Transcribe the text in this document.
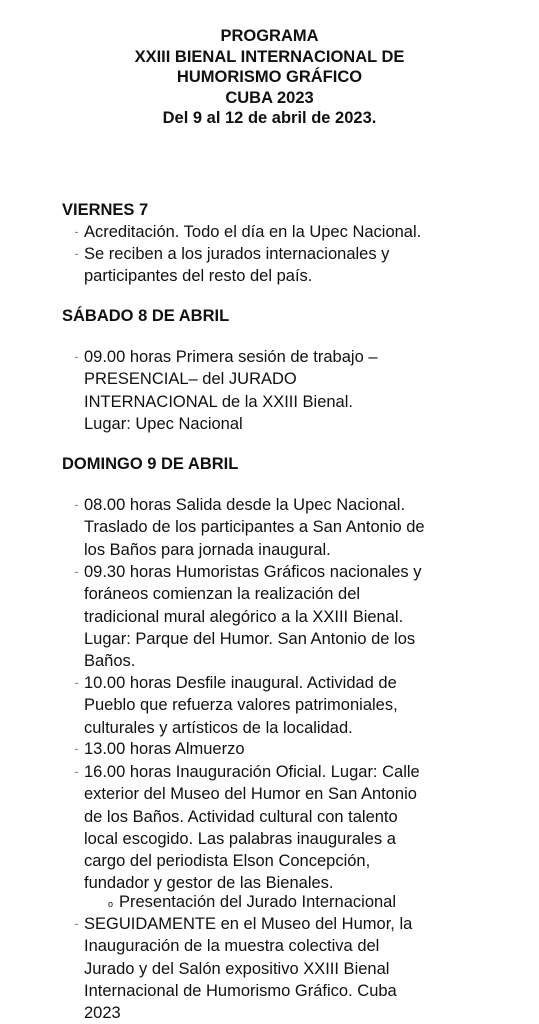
PROGRAMA
XXIII BIENAL INTERNACIONAL DE
HUMORISMO GRÁFICO
CUBA 2023
Del 9 al 12 de abril de 2023.
VIERNES 7
- Acreditación. Todo el día en la Upec Nacional.
- Se reciben a los jurados internacionales y
participantes del resto del país.
SÁBADO 8 DE ABRIL
- 09.00 horas Primera sesión de trabajo –
PRESENCIAL– del JURADO
INTERNACIONAL de la XXIII Bienal.
Lugar: Upec Nacional
DOMINGO 9 DE ABRIL
- 08.00 horas Salida desde la Upec Nacional.
Traslado de los participantes a San Antonio de
los Baños para jornada inaugural.
- 09.30 horas Humoristas Gráficos nacionales y
foráneos comienzan la realización del
tradicional mural alegórico a la XXIII Bienal.
Lugar: Parque del Humor. San Antonio de los
Baños.
- 10.00 horas Desfile inaugural. Actividad de
Pueblo que refuerza valores patrimoniales,
culturales y artísticos de la localidad.
- 13.00 horas Almuerzo
- 16.00 horas Inauguración Oficial. Lugar: Calle
exterior del Museo del Humor en San Antonio
de los Baños. Actividad cultural con talento
local escogido. Las palabras inaugurales a
cargo del periodista Elson Concepción,
fundador y gestor de las Bienales.
o Presentación del Jurado Internacional
- SEGUIDAMENTE en el Museo del Humor, la
Inauguración de la muestra colectiva del
Jurado y del Salón expositivo XXIII Bienal
Internacional de Humorismo Gráfico. Cuba
2023
